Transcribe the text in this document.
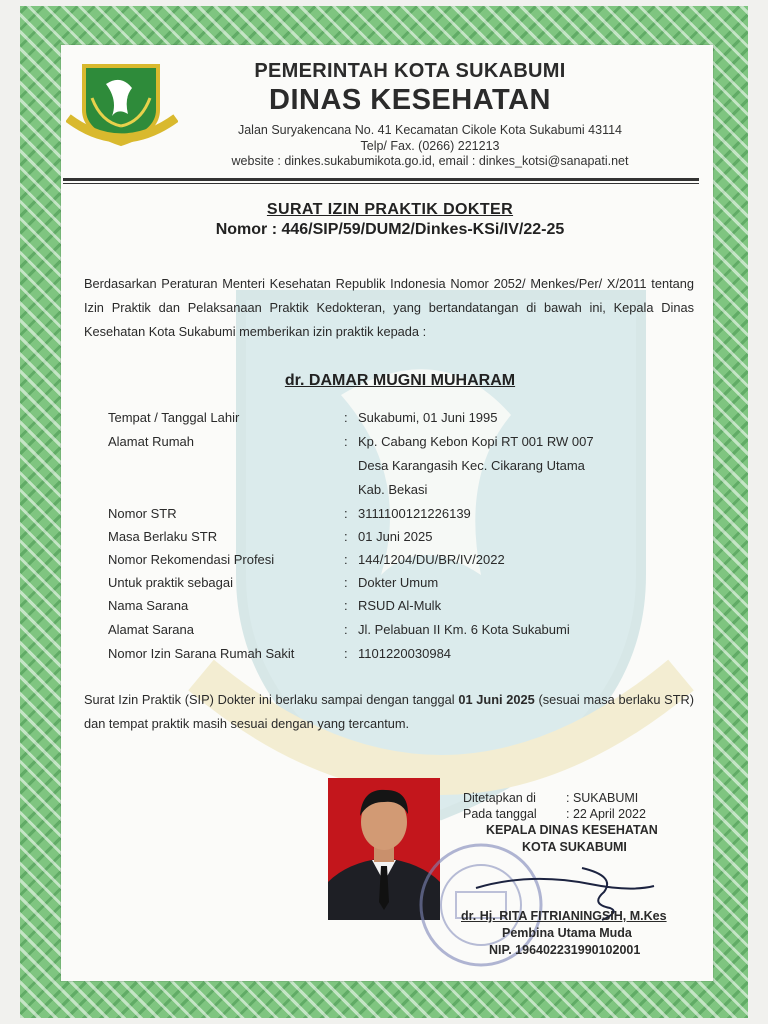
PEMERINTAH KOTA SUKABUMI
DINAS KESEHATAN
Jalan Suryakencana No. 41 Kecamatan Cikole Kota Sukabumi 43114
Telp/ Fax. (0266) 221213
website : dinkes.sukabumikota.go.id, email : dinkes_kotsi@sanapati.net
SURAT IZIN PRAKTIK DOKTER
Nomor : 446/SIP/59/DUM2/Dinkes-KSi/IV/22-25
Berdasarkan Peraturan Menteri Kesehatan Republik Indonesia Nomor 2052/ Menkes/Per/ X/2011 tentang Izin Praktik dan Pelaksanaan Praktik Kedokteran, yang bertandatangan di bawah ini, Kepala Dinas Kesehatan Kota Sukabumi memberikan izin praktik kepada :
dr. DAMAR MUGNI MUHARAM
Tempat / Tanggal Lahir	: Sukabumi, 01 Juni 1995
Alamat Rumah	: Kp. Cabang Kebon Kopi RT 001 RW 007
Desa Karangasih Kec. Cikarang Utama
Kab. Bekasi
Nomor STR	: 3111100121226139
Masa Berlaku STR	: 01 Juni 2025
Nomor Rekomendasi Profesi	: 144/1204/DU/BR/IV/2022
Untuk praktik sebagai	: Dokter Umum
Nama Sarana	: RSUD Al-Mulk
Alamat Sarana	: Jl. Pelabuan II Km. 6 Kota Sukabumi
Nomor Izin Sarana Rumah Sakit	: 1101220030984
Surat Izin Praktik (SIP) Dokter ini berlaku sampai dengan tanggal 01 Juni 2025 (sesuai masa berlaku STR) dan tempat praktik masih sesuai dengan yang tercantum.
Ditetapkan di : SUKABUMI
Pada tanggal : 22 April 2022
KEPALA DINAS KESEHATAN
KOTA SUKABUMI
dr. Hj. RITA FITRIANINGSIH, M.Kes
Pembina Utama Muda
NIP. 196402231990102001
